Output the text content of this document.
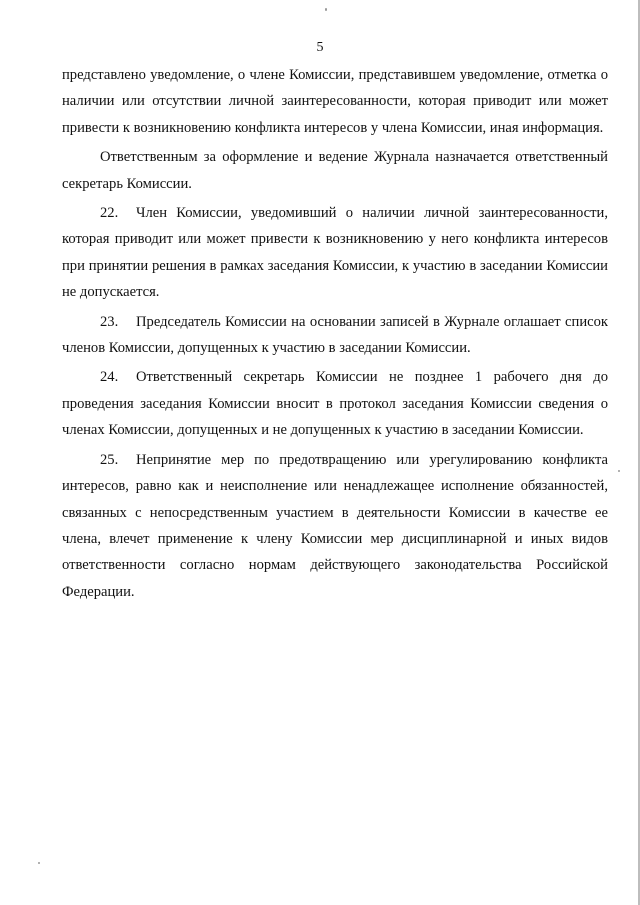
5

представлено уведомление, о члене Комиссии, представившем уведомление, отметка о наличии или отсутствии личной заинтересованности, которая приводит или может привести к возникновению конфликта интересов у члена Комиссии, иная информация.

Ответственным за оформление и ведение Журнала назначается ответственный секретарь Комиссии.

22. Член Комиссии, уведомивший о наличии личной заинтересованности, которая приводит или может привести к возникновению у него конфликта интересов при принятии решения в рамках заседания Комиссии, к участию в заседании Комиссии не допускается.

23. Председатель Комиссии на основании записей в Журнале оглашает список членов Комиссии, допущенных к участию в заседании Комиссии.

24. Ответственный секретарь Комиссии не позднее 1 рабочего дня до проведения заседания Комиссии вносит в протокол заседания Комиссии сведения о членах Комиссии, допущенных и не допущенных к участию в заседании Комиссии.

25. Непринятие мер по предотвращению или урегулированию конфликта интересов, равно как и неисполнение или ненадлежащее исполнение обязанностей, связанных с непосредственным участием в деятельности Комиссии в качестве ее члена, влечет применение к члену Комиссии мер дисциплинарной и иных видов ответственности согласно нормам действующего законодательства Российской Федерации.
